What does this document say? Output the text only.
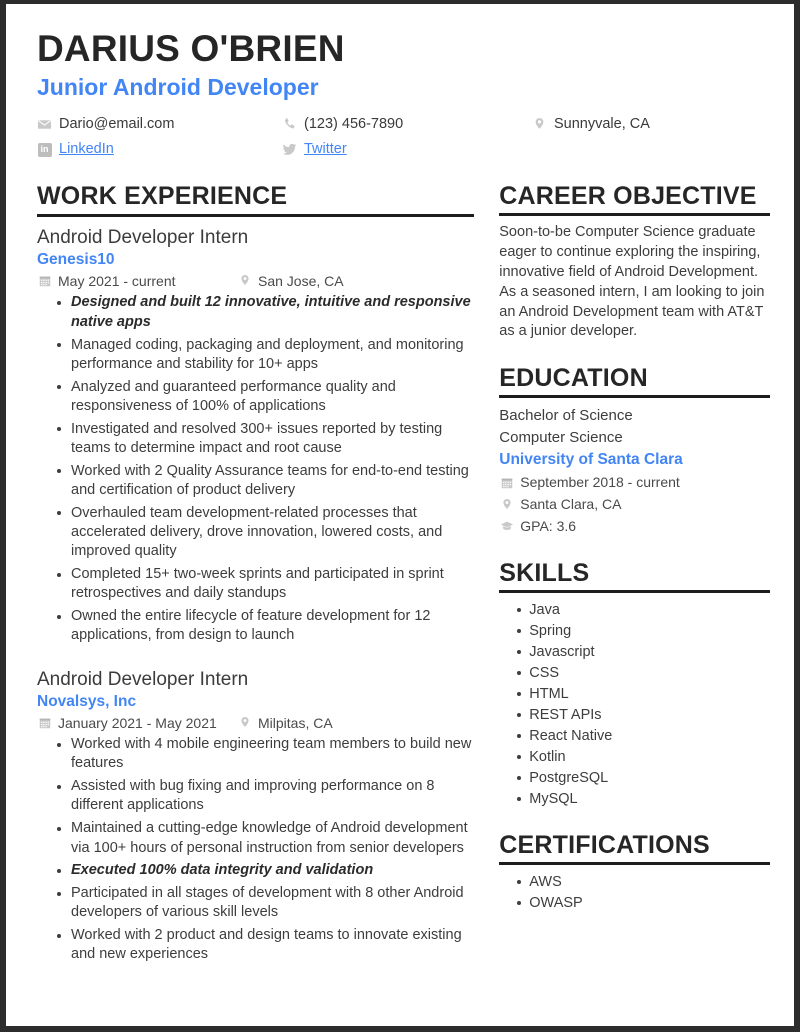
DARIUS O'BRIEN
Junior Android Developer
Dario@email.com	(123) 456-7890	Sunnyvale, CA
in LinkedIn	Twitter
WORK EXPERIENCE
Android Developer Intern
Genesis10
May 2021 - current	San Jose, CA
Designed and built 12 innovative, intuitive and responsive native apps
Managed coding, packaging and deployment, and monitoring performance and stability for 10+ apps
Analyzed and guaranteed performance quality and responsiveness of 100% of applications
Investigated and resolved 300+ issues reported by testing teams to determine impact and root cause
Worked with 2 Quality Assurance teams for end-to-end testing and certification of product delivery
Overhauled team development-related processes that accelerated delivery, drove innovation, lowered costs, and improved quality
Completed 15+ two-week sprints and participated in sprint retrospectives and daily standups
Owned the entire lifecycle of feature development for 12 applications, from design to launch
Android Developer Intern
Novalsys, Inc
January 2021 - May 2021	Milpitas, CA
Worked with 4 mobile engineering team members to build new features
Assisted with bug fixing and improving performance on 8 different applications
Maintained a cutting-edge knowledge of Android development via 100+ hours of personal instruction from senior developers
Executed 100% data integrity and validation
Participated in all stages of development with 8 other Android developers of various skill levels
Worked with 2 product and design teams to innovate existing and new experiences
CAREER OBJECTIVE

Soon-to-be Computer Science graduate eager to continue exploring the inspiring, innovative field of Android Development. As a seasoned intern, I am looking to join an Android Development team with AT&T as a junior developer.

EDUCATION
Bachelor of Science
Computer Science
University of Santa Clara
September 2018 - current
Santa Clara, CA
GPA: 3.6
SKILLS
Java
Spring
Javascript
CSS
HTML
REST APIs
React Native
Kotlin
PostgreSQL
MySQL
CERTIFICATIONS
AWS
OWASP
